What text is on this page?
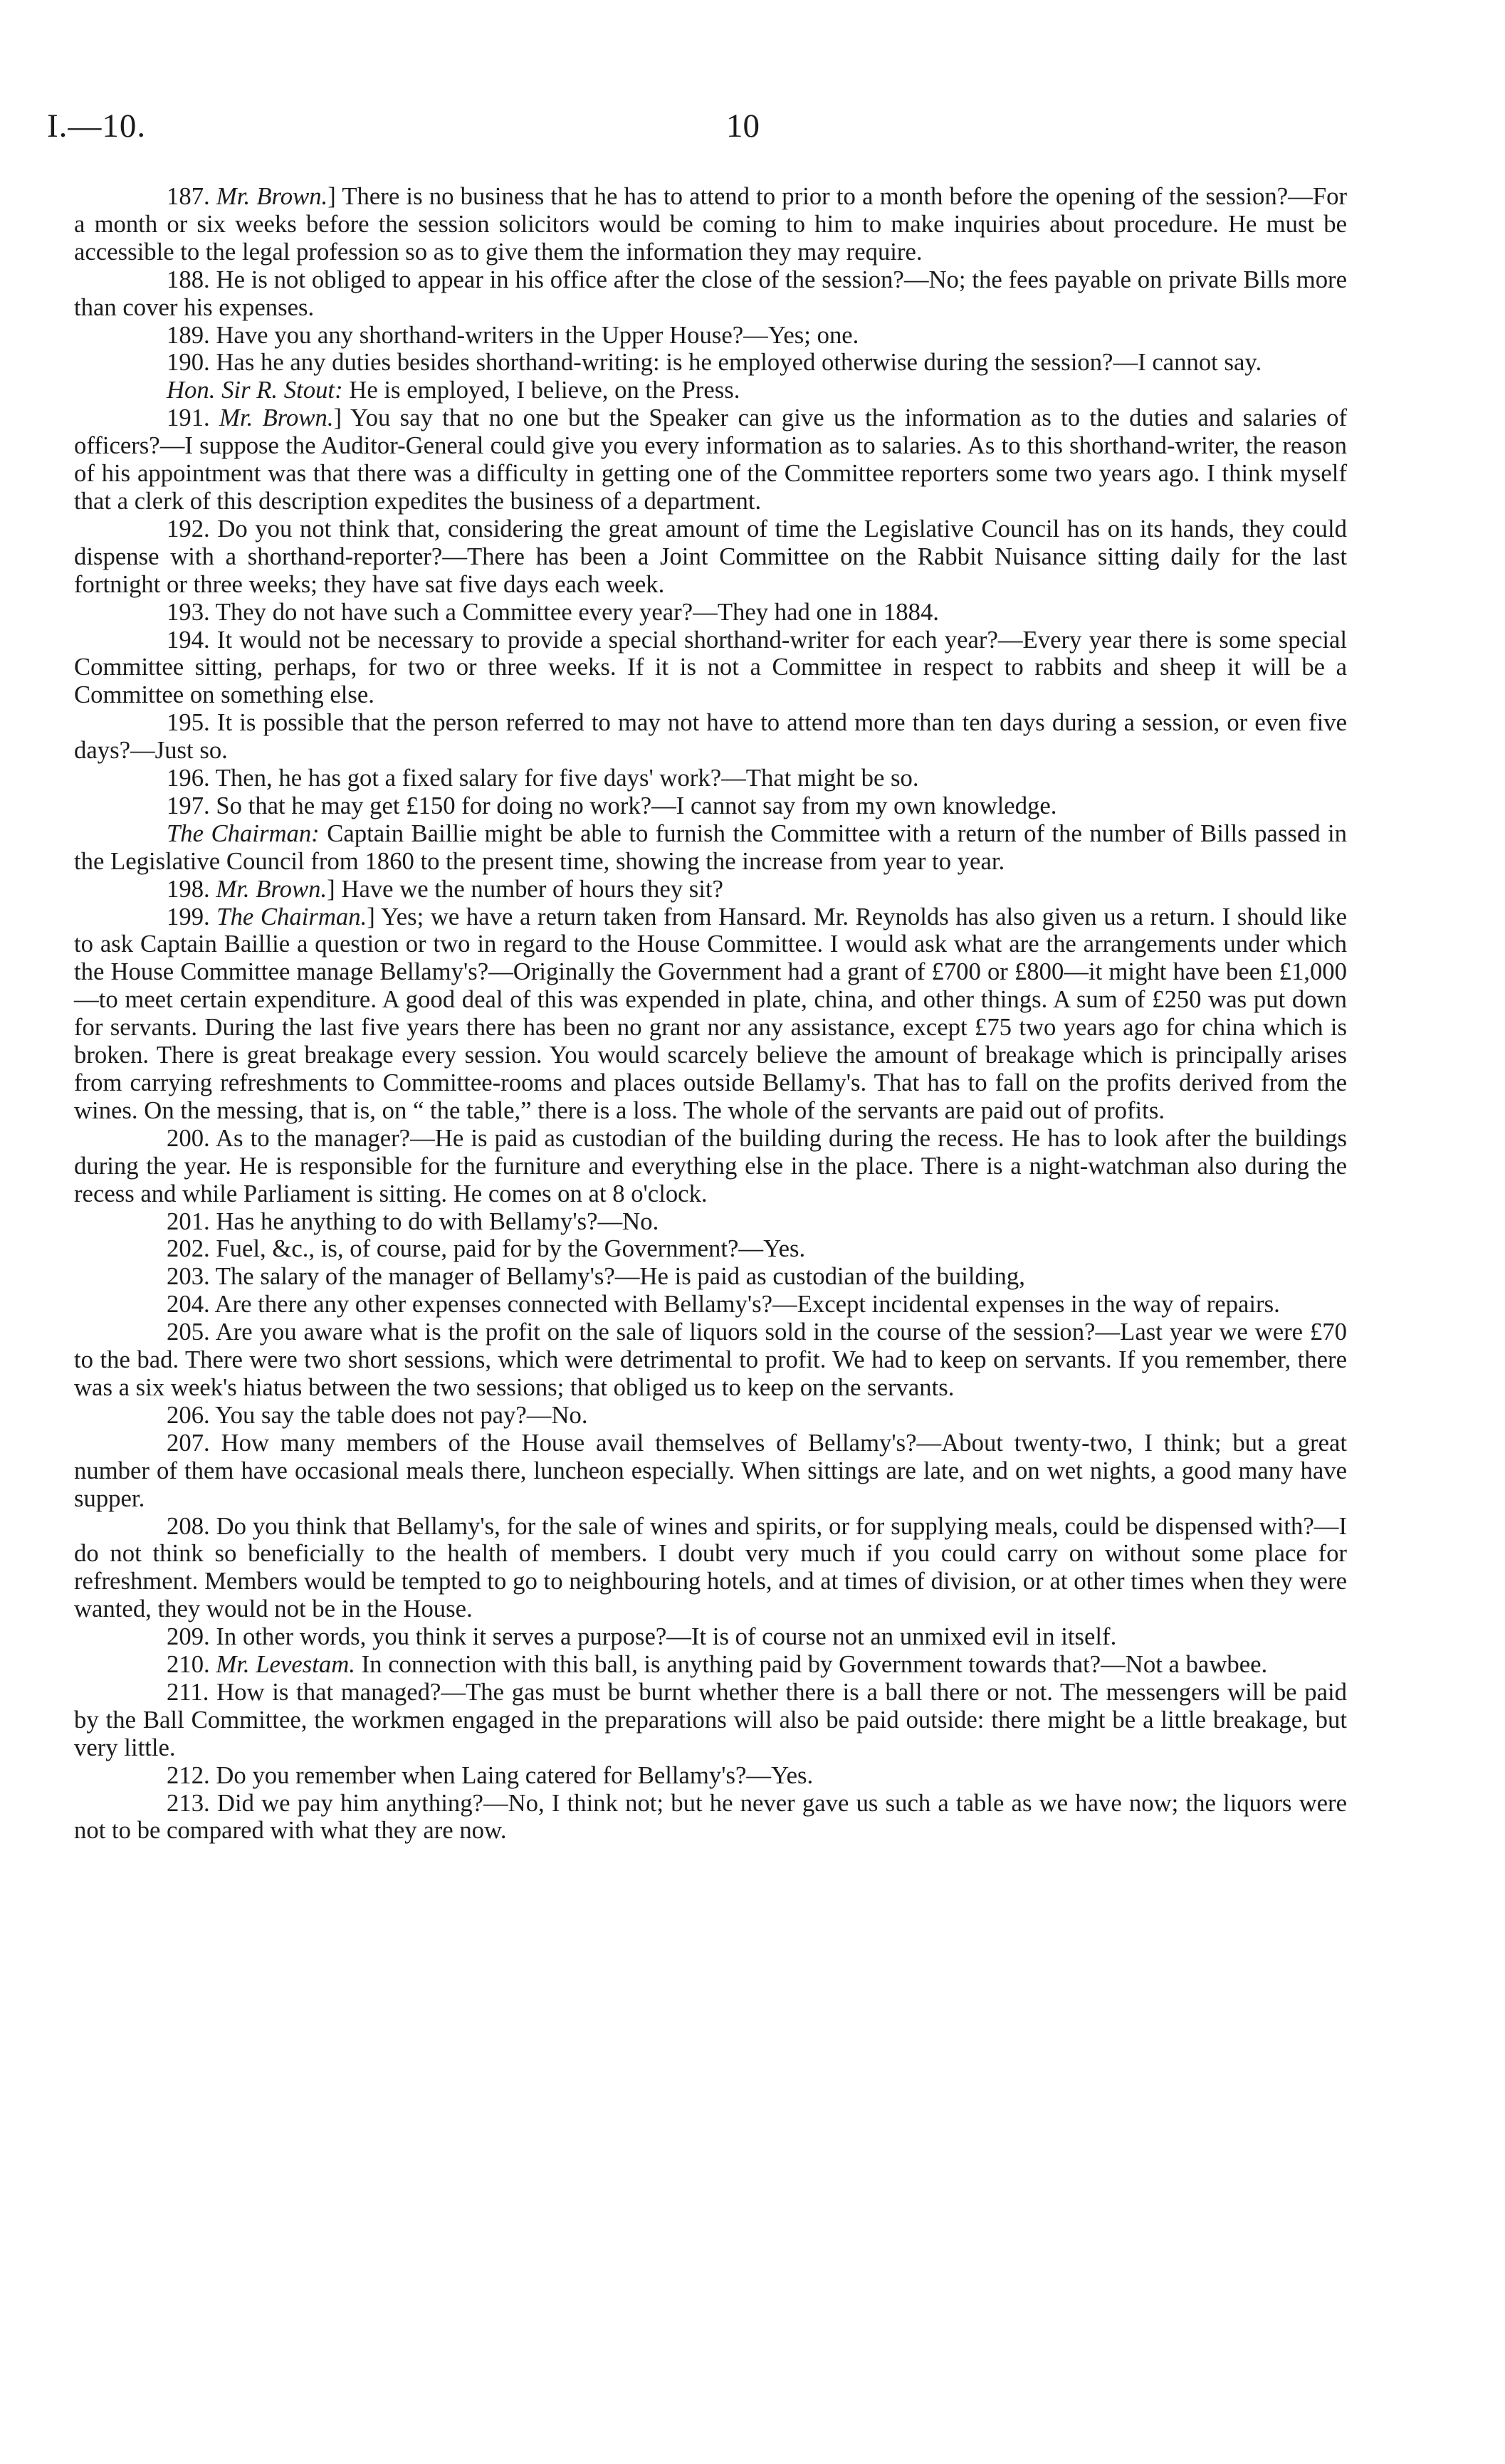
I.—10.	10

187. Mr. Brown.] There is no business that he has to attend to prior to a month before the opening of the session?—For a month or six weeks before the session solicitors would be coming to him to make inquiries about procedure. He must be accessible to the legal profession so as to give them the information they may require.

188. He is not obliged to appear in his office after the close of the session?—No; the fees payable on private Bills more than cover his expenses.

189. Have you any shorthand-writers in the Upper House?—Yes; one.

190. Has he any duties besides shorthand-writing: is he employed otherwise during the session?—I cannot say.

Hon. Sir R. Stout: He is employed, I believe, on the Press.

191. Mr. Brown.] You say that no one but the Speaker can give us the information as to the duties and salaries of officers?—I suppose the Auditor-General could give you every information as to salaries. As to this shorthand-writer, the reason of his appointment was that there was a difficulty in getting one of the Committee reporters some two years ago. I think myself that a clerk of this description expedites the business of a department.

192. Do you not think that, considering the great amount of time the Legislative Council has on its hands, they could dispense with a shorthand-reporter?—There has been a Joint Committee on the Rabbit Nuisance sitting daily for the last fortnight or three weeks; they have sat five days each week.

193. They do not have such a Committee every year?—They had one in 1884.

194. It would not be necessary to provide a special shorthand-writer for each year?—Every year there is some special Committee sitting, perhaps, for two or three weeks. If it is not a Committee in respect to rabbits and sheep it will be a Committee on something else.

195. It is possible that the person referred to may not have to attend more than ten days during a session, or even five days?—Just so.

196. Then, he has got a fixed salary for five days' work?—That might be so.

197. So that he may get £150 for doing no work?—I cannot say from my own knowledge.

The Chairman: Captain Baillie might be able to furnish the Committee with a return of the number of Bills passed in the Legislative Council from 1860 to the present time, showing the increase from year to year.

198. Mr. Brown.] Have we the number of hours they sit?

199. The Chairman.] Yes; we have a return taken from Hansard. Mr. Reynolds has also given us a return. I should like to ask Captain Baillie a question or two in regard to the House Committee. I would ask what are the arrangements under which the House Committee manage Bellamy's?—Originally the Government had a grant of £700 or £800—it might have been £1,000—to meet certain expenditure. A good deal of this was expended in plate, china, and other things. A sum of £250 was put down for servants. During the last five years there has been no grant nor any assistance, except £75 two years ago for china which is broken. There is great breakage every session. You would scarcely believe the amount of breakage which is principally arises from carrying refreshments to Committee-rooms and places outside Bellamy's. That has to fall on the profits derived from the wines. On the messing, that is, on “ the table,” there is a loss. The whole of the servants are paid out of profits.

200. As to the manager?—He is paid as custodian of the building during the recess. He has to look after the buildings during the year. He is responsible for the furniture and everything else in the place. There is a night-watchman also during the recess and while Parliament is sitting. He comes on at 8 o'clock.

201. Has he anything to do with Bellamy's?—No.

202. Fuel, &c., is, of course, paid for by the Government?—Yes.

203. The salary of the manager of Bellamy's?—He is paid as custodian of the building,

204. Are there any other expenses connected with Bellamy's?—Except incidental expenses in the way of repairs.

205. Are you aware what is the profit on the sale of liquors sold in the course of the session?—Last year we were £70 to the bad. There were two short sessions, which were detrimental to profit. We had to keep on servants. If you remember, there was a six week's hiatus between the two sessions; that obliged us to keep on the servants.

206. You say the table does not pay?—No.

207. How many members of the House avail themselves of Bellamy's?—About twenty-two, I think; but a great number of them have occasional meals there, luncheon especially. When sittings are late, and on wet nights, a good many have supper.

208. Do you think that Bellamy's, for the sale of wines and spirits, or for supplying meals, could be dispensed with?—I do not think so beneficially to the health of members. I doubt very much if you could carry on without some place for refreshment. Members would be tempted to go to neighbouring hotels, and at times of division, or at other times when they were wanted, they would not be in the House.

209. In other words, you think it serves a purpose?—It is of course not an unmixed evil in itself.

210. Mr. Levestam. In connection with this ball, is anything paid by Government towards that?—Not a bawbee.

211. How is that managed?—The gas must be burnt whether there is a ball there or not. The messengers will be paid by the Ball Committee, the workmen engaged in the preparations will also be paid outside: there might be a little breakage, but very little.

212. Do you remember when Laing catered for Bellamy's?—Yes.

213. Did we pay him anything?—No, I think not; but he never gave us such a table as we have now; the liquors were not to be compared with what they are now.
